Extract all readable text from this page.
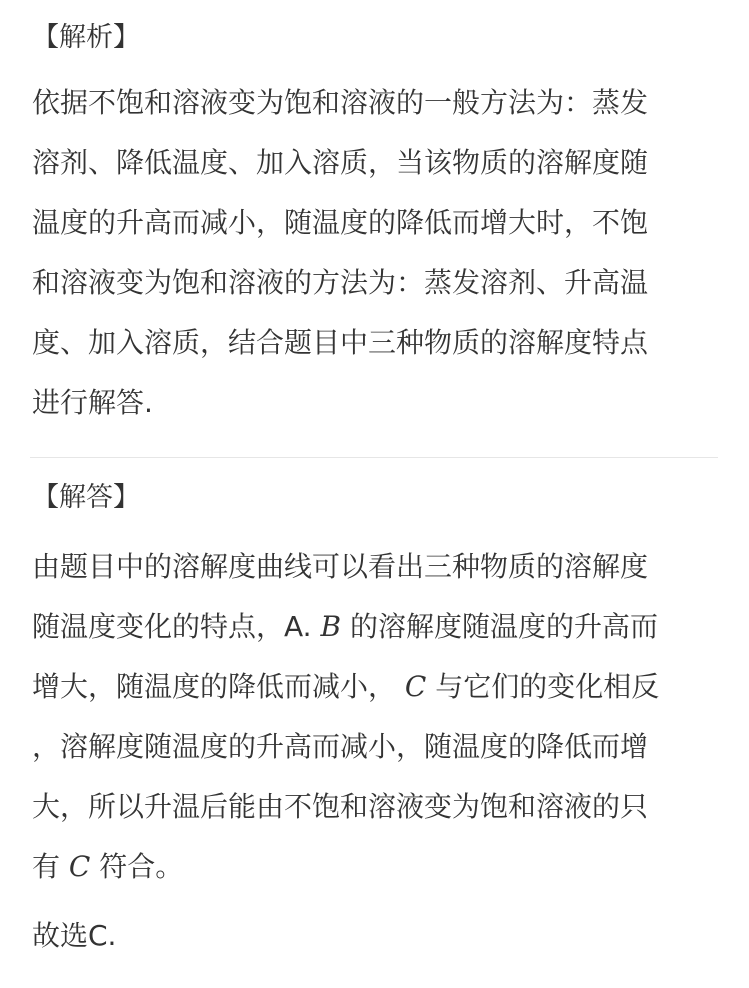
【解析】
依据不饱和溶液变为饱和溶液的一般方法为：蒸发
溶剂、降低温度、加入溶质，当该物质的溶解度随
温度的升高而减小，随温度的降低而增大时，不饱
和溶液变为饱和溶液的方法为：蒸发溶剂、升高温
度、加入溶质，结合题目中三种物质的溶解度特点
进行解答.
【解答】
由题目中的溶解度曲线可以看出三种物质的溶解度
随温度变化的特点，A. B 的溶解度随温度的升高而
增大，随温度的降低而减小， C 与它们的变化相反
，溶解度随温度的升高而减小，随温度的降低而增
大，所以升温后能由不饱和溶液变为饱和溶液的只
有 C 符合。
故选C.
